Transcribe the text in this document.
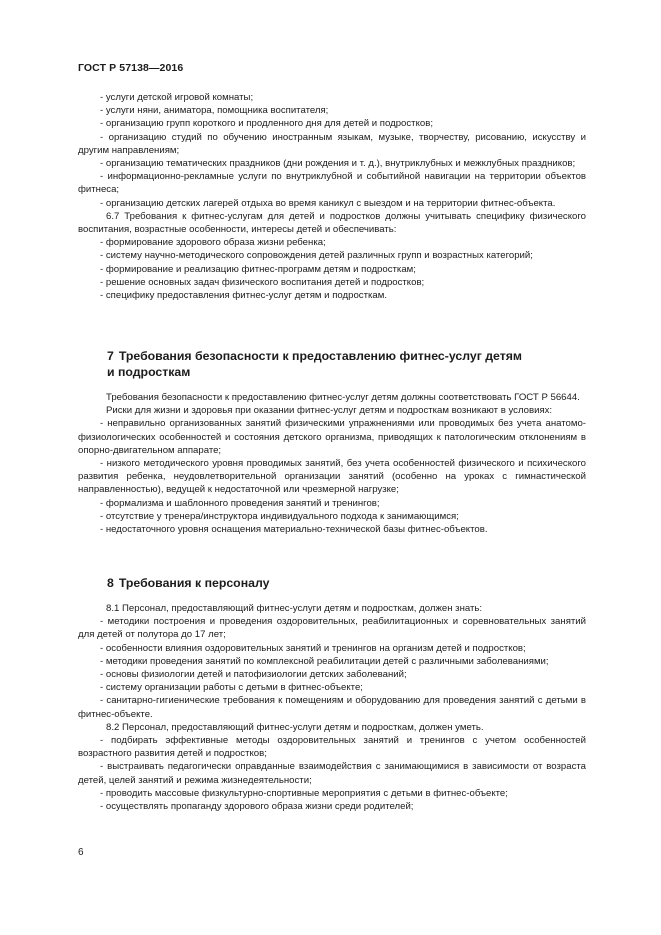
ГОСТ Р 57138—2016

- услуги детской игровой комнаты;

- услуги няни, аниматора, помощника воспитателя;

- организацию групп короткого и продленного дня для детей и подростков;

- организацию студий по обучению иностранным языкам, музыке, творчеству, рисованию, искусству и другим направлениям;

- организацию тематических праздников (дни рождения и т. д.), внутриклубных и межклубных праздников;

- информационно-рекламные услуги по внутриклубной и событийной навигации на территории объектов фитнеса;

- организацию детских лагерей отдыха во время каникул с выездом и на территории фитнес-объекта.

6.7 Требования к фитнес-услугам для детей и подростков должны учитывать специфику физического воспитания, возрастные особенности, интересы детей и обеспечивать:

- формирование здорового образа жизни ребенка;

- систему научно-методического сопровождения детей различных групп и возрастных категорий;

- формирование и реализацию фитнес-программ детям и подросткам;

- решение основных задач физического воспитания детей и подростков;

- специфику предоставления фитнес-услуг детям и подросткам.

7 Требования безопасности к предоставлению фитнес-услуг детям
и подросткам

Требования безопасности к предоставлению фитнес-услуг детям должны соответствовать ГОСТ Р 56644.

Риски для жизни и здоровья при оказании фитнес-услуг детям и подросткам возникают в условиях:

- неправильно организованных занятий физическими упражнениями или проводимых без учета анатомо-физиологических особенностей и состояния детского организма, приводящих к патологическим отклонениям в опорно-двигательном аппарате;

- низкого методического уровня проводимых занятий, без учета особенностей физического и психического развития ребенка, неудовлетворительной организации занятий (особенно на уроках с гимнастической направленностью), ведущей к недостаточной или чрезмерной нагрузке;

- формализма и шаблонного проведения занятий и тренингов;

- отсутствие у тренера/инструктора индивидуального подхода к занимающимся;

- недостаточного уровня оснащения материально-технической базы фитнес-объектов.

8 Требования к персоналу

8.1 Персонал, предоставляющий фитнес-услуги детям и подросткам, должен знать:

- методики построения и проведения оздоровительных, реабилитационных и соревновательных занятий для детей от полутора до 17 лет;

- особенности влияния оздоровительных занятий и тренингов на организм детей и подростков;

- методики проведения занятий по комплексной реабилитации детей с различными заболеваниями;

- основы физиологии детей и патофизиологии детских заболеваний;

- систему организации работы с детьми в фитнес-объекте;

- санитарно-гигиенические требования к помещениям и оборудованию для проведения занятий с детьми в фитнес-объекте.

8.2 Персонал, предоставляющий фитнес-услуги детям и подросткам, должен уметь.

- подбирать эффективные методы оздоровительных занятий и тренингов с учетом особенностей возрастного развития детей и подростков;

- выстраивать педагогически оправданные взаимодействия с занимающимися в зависимости от возраста детей, целей занятий и режима жизнедеятельности;

- проводить массовые физкультурно-спортивные мероприятия с детьми в фитнес-объекте;

- осуществлять пропаганду здорового образа жизни среди родителей;

6
